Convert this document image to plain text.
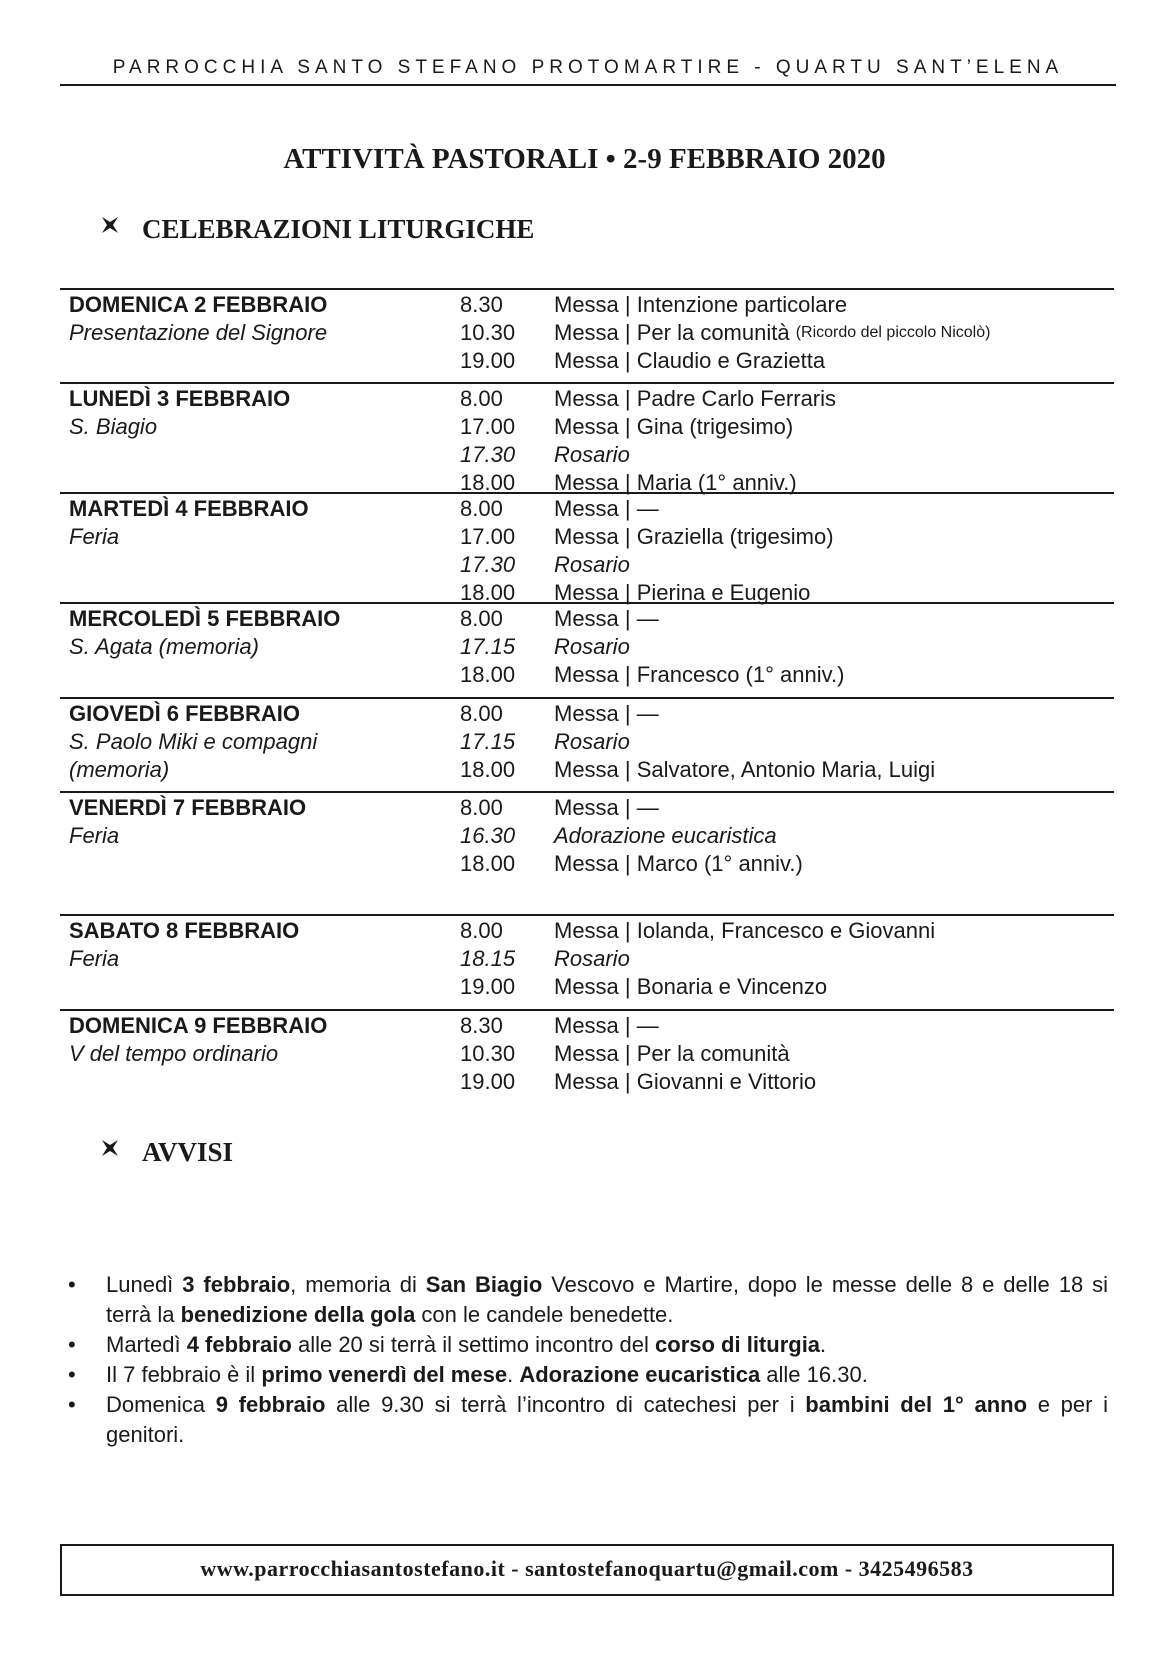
PARROCCHIA SANTO STEFANO PROTOMARTIRE - QUARTU SANT’ELENA
ATTIVITÀ PASTORALI • 2-9 FEBBRAIO 2020
CELEBRAZIONI LITURGICHE
DOMENICA 2 FEBBRAIO
Presentazione del Signore
8.30	Messa | Intenzione particolare
10.30	Messa | Per la comunità
(Ricordo del piccolo Nicolò)
19.00	Messa | Claudio e Grazietta
LUNEDÌ 3 FEBBRAIO
S. Biagio
8.00	Messa | Padre Carlo Ferraris
17.00	Messa | Gina (trigesimo)
17.30	Rosario
18.00	Messa | Maria (1° anniv.)
MARTEDÌ 4 FEBBRAIO
Feria
8.00	Messa | —
17.00	Messa | Graziella (trigesimo)
17.30	Rosario
18.00	Messa | Pierina e Eugenio
MERCOLEDÌ 5 FEBBRAIO
S. Agata (memoria)
8.00	Messa | —
17.15	Rosario
18.00	Messa | Francesco (1° anniv.)
GIOVEDÌ 6 FEBBRAIO
S. Paolo Miki e compagni
(memoria)
8.00	Messa | —
17.15	Rosario
18.00	Messa | Salvatore, Antonio Maria, Luigi
VENERDÌ 7 FEBBRAIO
Feria
8.00	Messa | —
16.30	Adorazione eucaristica
18.00	Messa | Marco (1° anniv.)
SABATO 8 FEBBRAIO
Feria
8.00	Messa | Iolanda, Francesco e Giovanni
18.15	Rosario
19.00	Messa | Bonaria e Vincenzo
DOMENICA 9 FEBBRAIO
V del tempo ordinario
8.30	Messa | —
10.30	Messa | Per la comunità
19.00	Messa | Giovanni e Vittorio
AVVISI
• Lunedì 3 febbraio, memoria di San Biagio Vescovo e Martire, dopo le messe delle 8 e delle 18 si terrà la benedizione della gola con le candele benedette.
• Martedì 4 febbraio alle 20 si terrà il settimo incontro del corso di liturgia.
• Il 7 febbraio è il primo venerdì del mese. Adorazione eucaristica alle 16.30.
• Domenica 9 febbraio alle 9.30 si terrà l’incontro di catechesi per i bambini del 1° anno e per i genitori.
www.parrocchiasantostefano.it - santostefanoquartu@gmail.com - 3425496583
